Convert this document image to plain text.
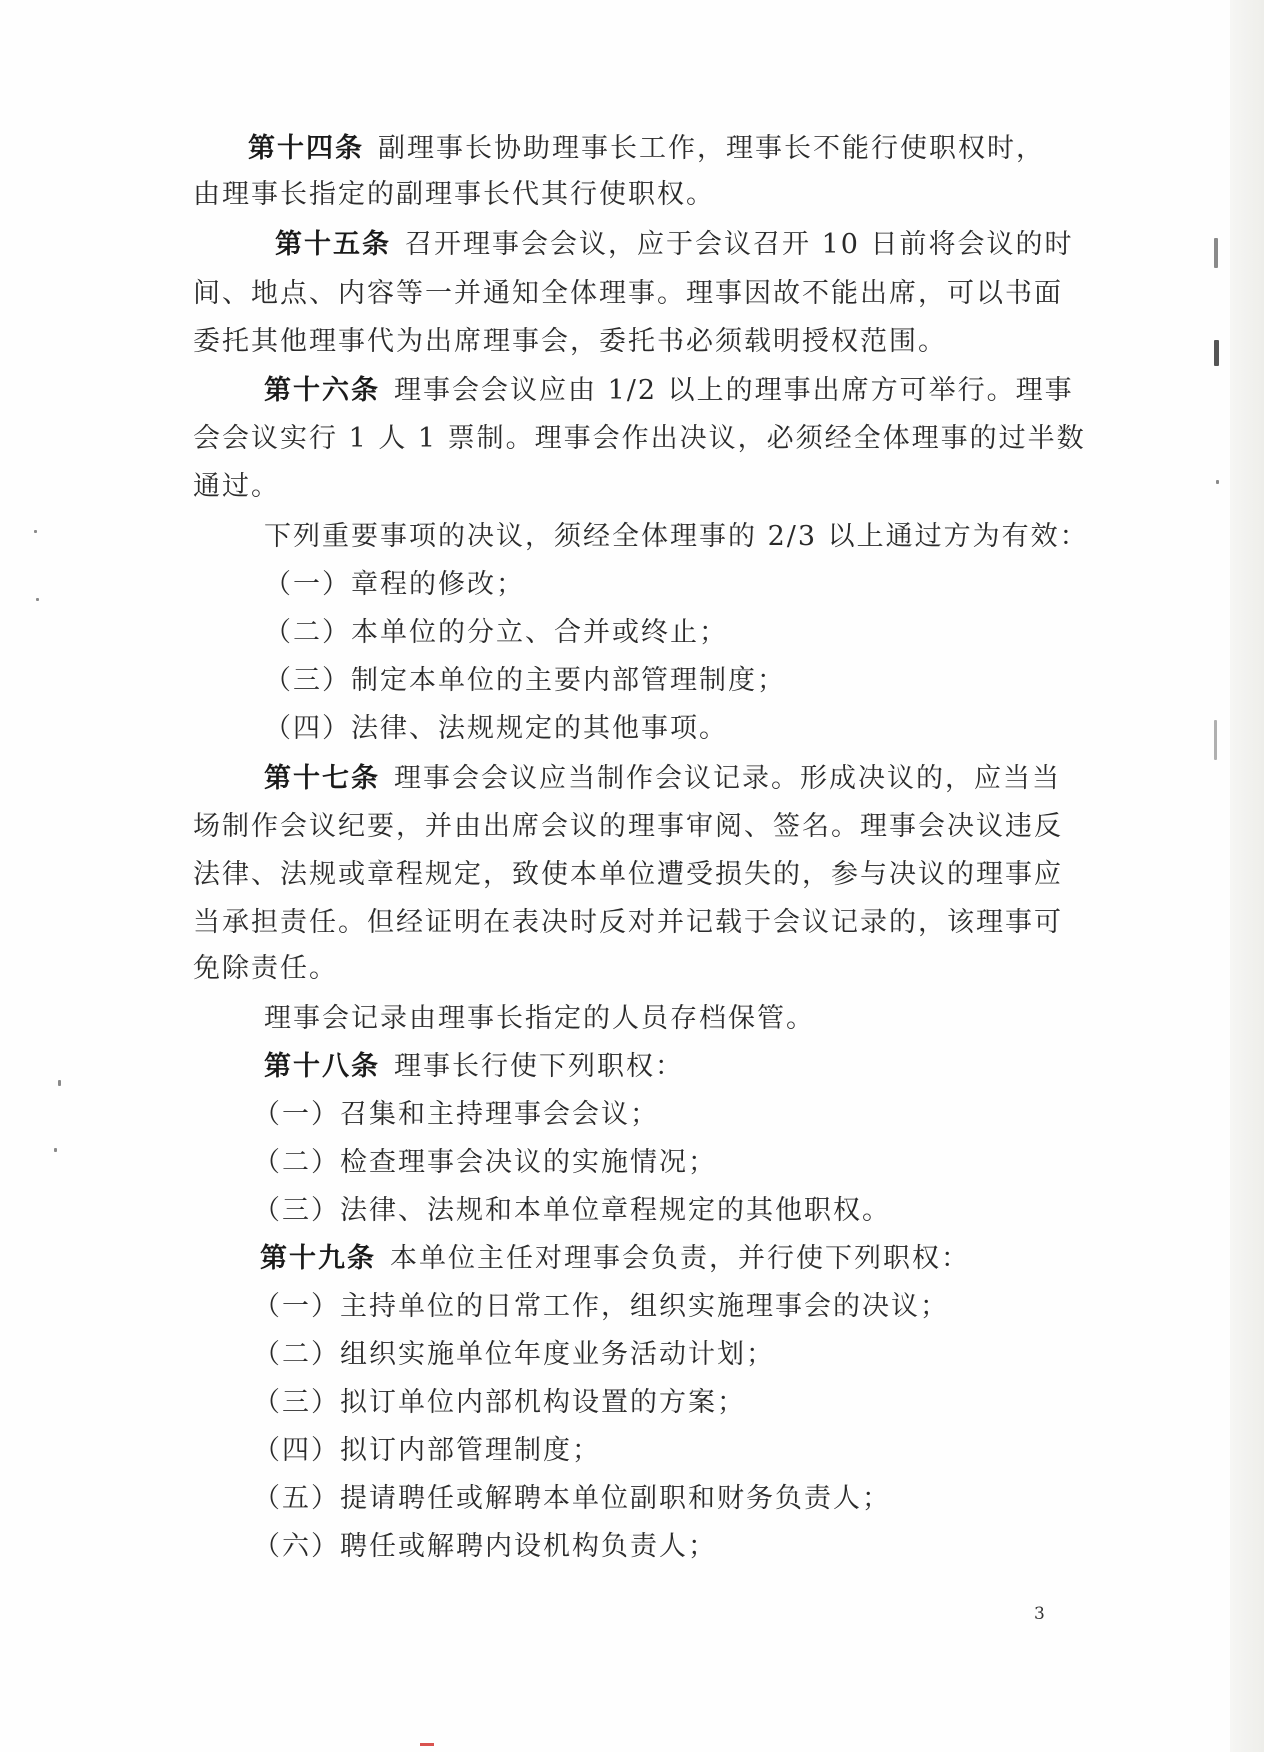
第十四条 副理事长协助理事长工作，理事长不能行使职权时，
由理事长指定的副理事长代其行使职权。
第十五条 召开理事会会议，应于会议召开 10 日前将会议的时
间、地点、内容等一并通知全体理事。理事因故不能出席，可以书面
委托其他理事代为出席理事会，委托书必须载明授权范围。
第十六条 理事会会议应由 1/2 以上的理事出席方可举行。理事
会会议实行 1 人 1 票制。理事会作出决议，必须经全体理事的过半数
通过。
下列重要事项的决议，须经全体理事的 2/3 以上通过方为有效：
（一）章程的修改；
（二）本单位的分立、合并或终止；
（三）制定本单位的主要内部管理制度；
（四）法律、法规规定的其他事项。
第十七条 理事会会议应当制作会议记录。形成决议的，应当当
场制作会议纪要，并由出席会议的理事审阅、签名。理事会决议违反
法律、法规或章程规定，致使本单位遭受损失的，参与决议的理事应
当承担责任。但经证明在表决时反对并记载于会议记录的，该理事可
免除责任。
理事会记录由理事长指定的人员存档保管。
第十八条 理事长行使下列职权：
（一）召集和主持理事会会议；
（二）检查理事会决议的实施情况；
（三）法律、法规和本单位章程规定的其他职权。
第十九条 本单位主任对理事会负责，并行使下列职权：
（一）主持单位的日常工作，组织实施理事会的决议；
（二）组织实施单位年度业务活动计划；
（三）拟订单位内部机构设置的方案；
（四）拟订内部管理制度；
（五）提请聘任或解聘本单位副职和财务负责人；
（六）聘任或解聘内设机构负责人；
3
